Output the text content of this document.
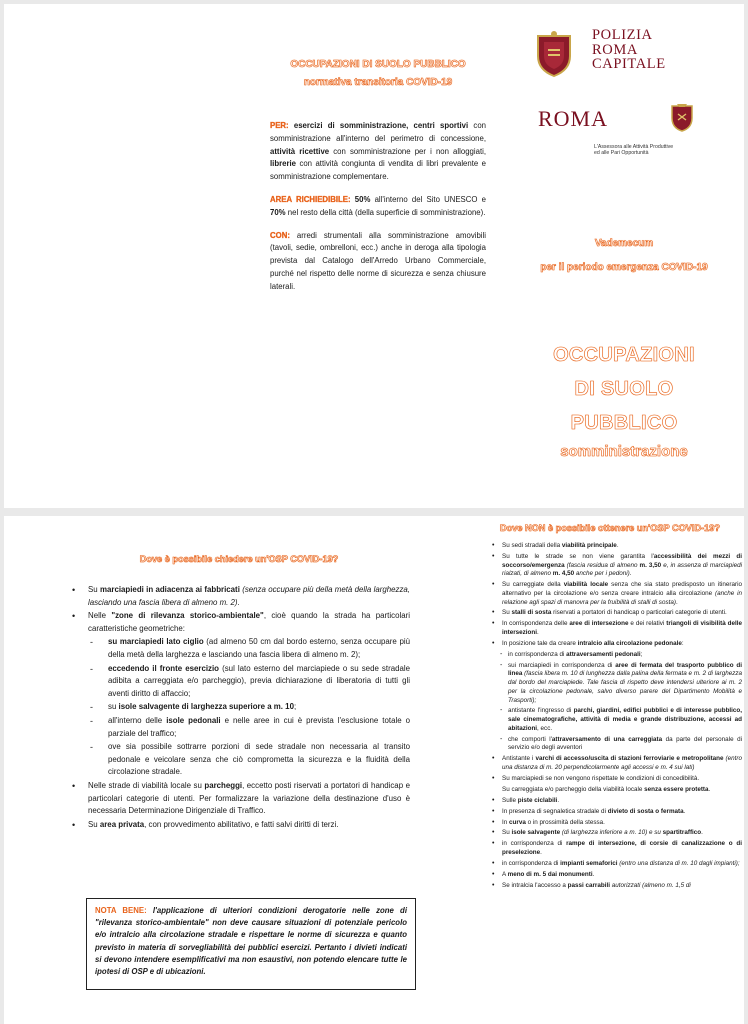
OCCUPAZIONI DI SUOLO PUBBLICO
normativa transitoria COVID-19

PER: esercizi di somministrazione, centri sportivi con somministrazione all'interno del perimetro di concessione, attività ricettive con somministrazione per i non alloggiati, librerie con attività congiunta di vendita di libri prevalente e somministrazione complementare.

AREA RICHIEDIBILE: 50% all'interno del Sito UNESCO e 70% nel resto della città (della superficie di somministrazione).

CON: arredi strumentali alla somministrazione amovibili (tavoli, sedie, ombrelloni, ecc.) anche in deroga alla tipologia prevista dal Catalogo dell'Arredo Urbano Commerciale, purché nel rispetto delle norme di sicurezza e senza chiusure laterali.

POLIZIA
ROMA
CAPITALE
ROMA
L'Assessora alle Attività Produttive
ed alle Pari Opportunità
Vademecum
per il periodo emergenza COVID-19
OCCUPAZIONI
DI SUOLO
PUBBLICO
somministrazione
Dove è possibile chiedere un'OSP COVID-19?
• Su marciapiedi in adiacenza ai fabbricati (senza occupare più della metà della larghezza, lasciando una fascia libera di almeno m. 2).
• Nelle "zone di rilevanza storico-ambientale", cioè quando la strada ha particolari caratteristiche geometriche:
- su marciapiedi lato ciglio (ad almeno 50 cm dal bordo esterno, senza occupare più della metà della larghezza e lasciando una fascia libera di almeno m. 2);
- eccedendo il fronte esercizio (sul lato esterno del marciapiede o su sede stradale adibita a carreggiata e/o parcheggio), previa dichiarazione di liberatoria di tutti gli aventi diritto di affaccio;
- su isole salvagente di larghezza superiore a m. 10;
- all'interno delle isole pedonali e nelle aree in cui è prevista l'esclusione totale o parziale del traffico;
- ove sia possibile sottrarre porzioni di sede stradale non necessaria al transito pedonale e veicolare senza che ciò comprometta la sicurezza e la fluidità della circolazione stradale.
• Nelle strade di viabilità locale su parcheggi, eccetto posti riservati a portatori di handicap e particolari categorie di utenti. Per formalizzare la variazione della destinazione d'uso è necessaria Determinazione Dirigenziale di Traffico.
• Su area privata, con provvedimento abilitativo, e fatti salvi diritti di terzi.
NOTA BENE: l'applicazione di ulteriori condizioni derogatorie nelle zone di "rilevanza storico-ambientale" non deve causare situazioni di potenziale pericolo e/o intralcio alla circolazione stradale e rispettare le norme di sicurezza e quanto previsto in materia di sorvegliabilità dei pubblici esercizi. Pertanto i divieti indicati si devono intendere esemplificativi ma non esaustivi, non potendo elencare tutte le ipotesi di OSP e di ubicazioni.
Dove NON è possibile ottenere un'OSP COVID-19?
• Su sedi stradali della viabilità principale.
• Su tutte le strade se non viene garantita l'accessibilità dei mezzi di soccorso/emergenza (fascia residua di almeno m. 3,50 e, in assenza di marciapiedi rialzati, di almeno m. 4,50 anche per i pedoni).
• Su carreggiate della viabilità locale senza che sia stato predisposto un itinerario alternativo per la circolazione e/o senza creare intralcio alla circolazione (anche in relazione agli spazi di manovra per la fruibilità di stalli di sosta).
• Su stalli di sosta riservati a portatori di handicap o particolari categorie di utenti.
• In corrispondenza delle aree di intersezione e dei relativi triangoli di visibilità delle intersezioni.
• In posizione tale da creare intralcio alla circolazione pedonale:
- in corrispondenza di attraversamenti pedonali;
- sui marciapiedi in corrispondenza di aree di fermata del trasporto pubblico di linea (fascia libera m. 10 di lunghezza dalla palina della fermata e m. 2 di larghezza dal bordo del marciapiede. Tale fascia di rispetto deve intendersi ulteriore ai m. 2 per la circolazione pedonale, salvo diverso parere del Dipartimento Mobilità e Trasporti);
- antistante l'ingresso di parchi, giardini, edifici pubblici e di interesse pubblico, sale cinematografiche, attività di media e grande distribuzione, accessi ad abitazioni, ecc.
- che comporti l'attraversamento di una carreggiata da parte del personale di servizio e/o degli avventori
• Antistante i varchi di accesso/uscita di stazioni ferroviarie e metropolitane (entro una distanza di m. 20 perpendicolarmente agli accessi e m. 4 sui lati)
• Su marciapiedi se non vengono rispettate le condizioni di concedibilità.
Su carreggiata e/o parcheggio della viabilità locale senza essere protetta.
• Sulle piste ciclabili.
• In presenza di segnaletica stradale di divieto di sosta o fermata.
• In curva o in prossimità della stessa.
• Su isole salvagente (di larghezza inferiore a m. 10) e su spartitraffico.
• in corrispondenza di rampe di intersezione, di corsie di canalizzazione o di preselezione.
• in corrispondenza di impianti semaforici (entro una distanza di m. 10 dagli impianti);
• A meno di m. 5 dai monumenti.
• Se intralcia l'accesso a passi carrabili autorizzati (almeno m. 1,5 di
